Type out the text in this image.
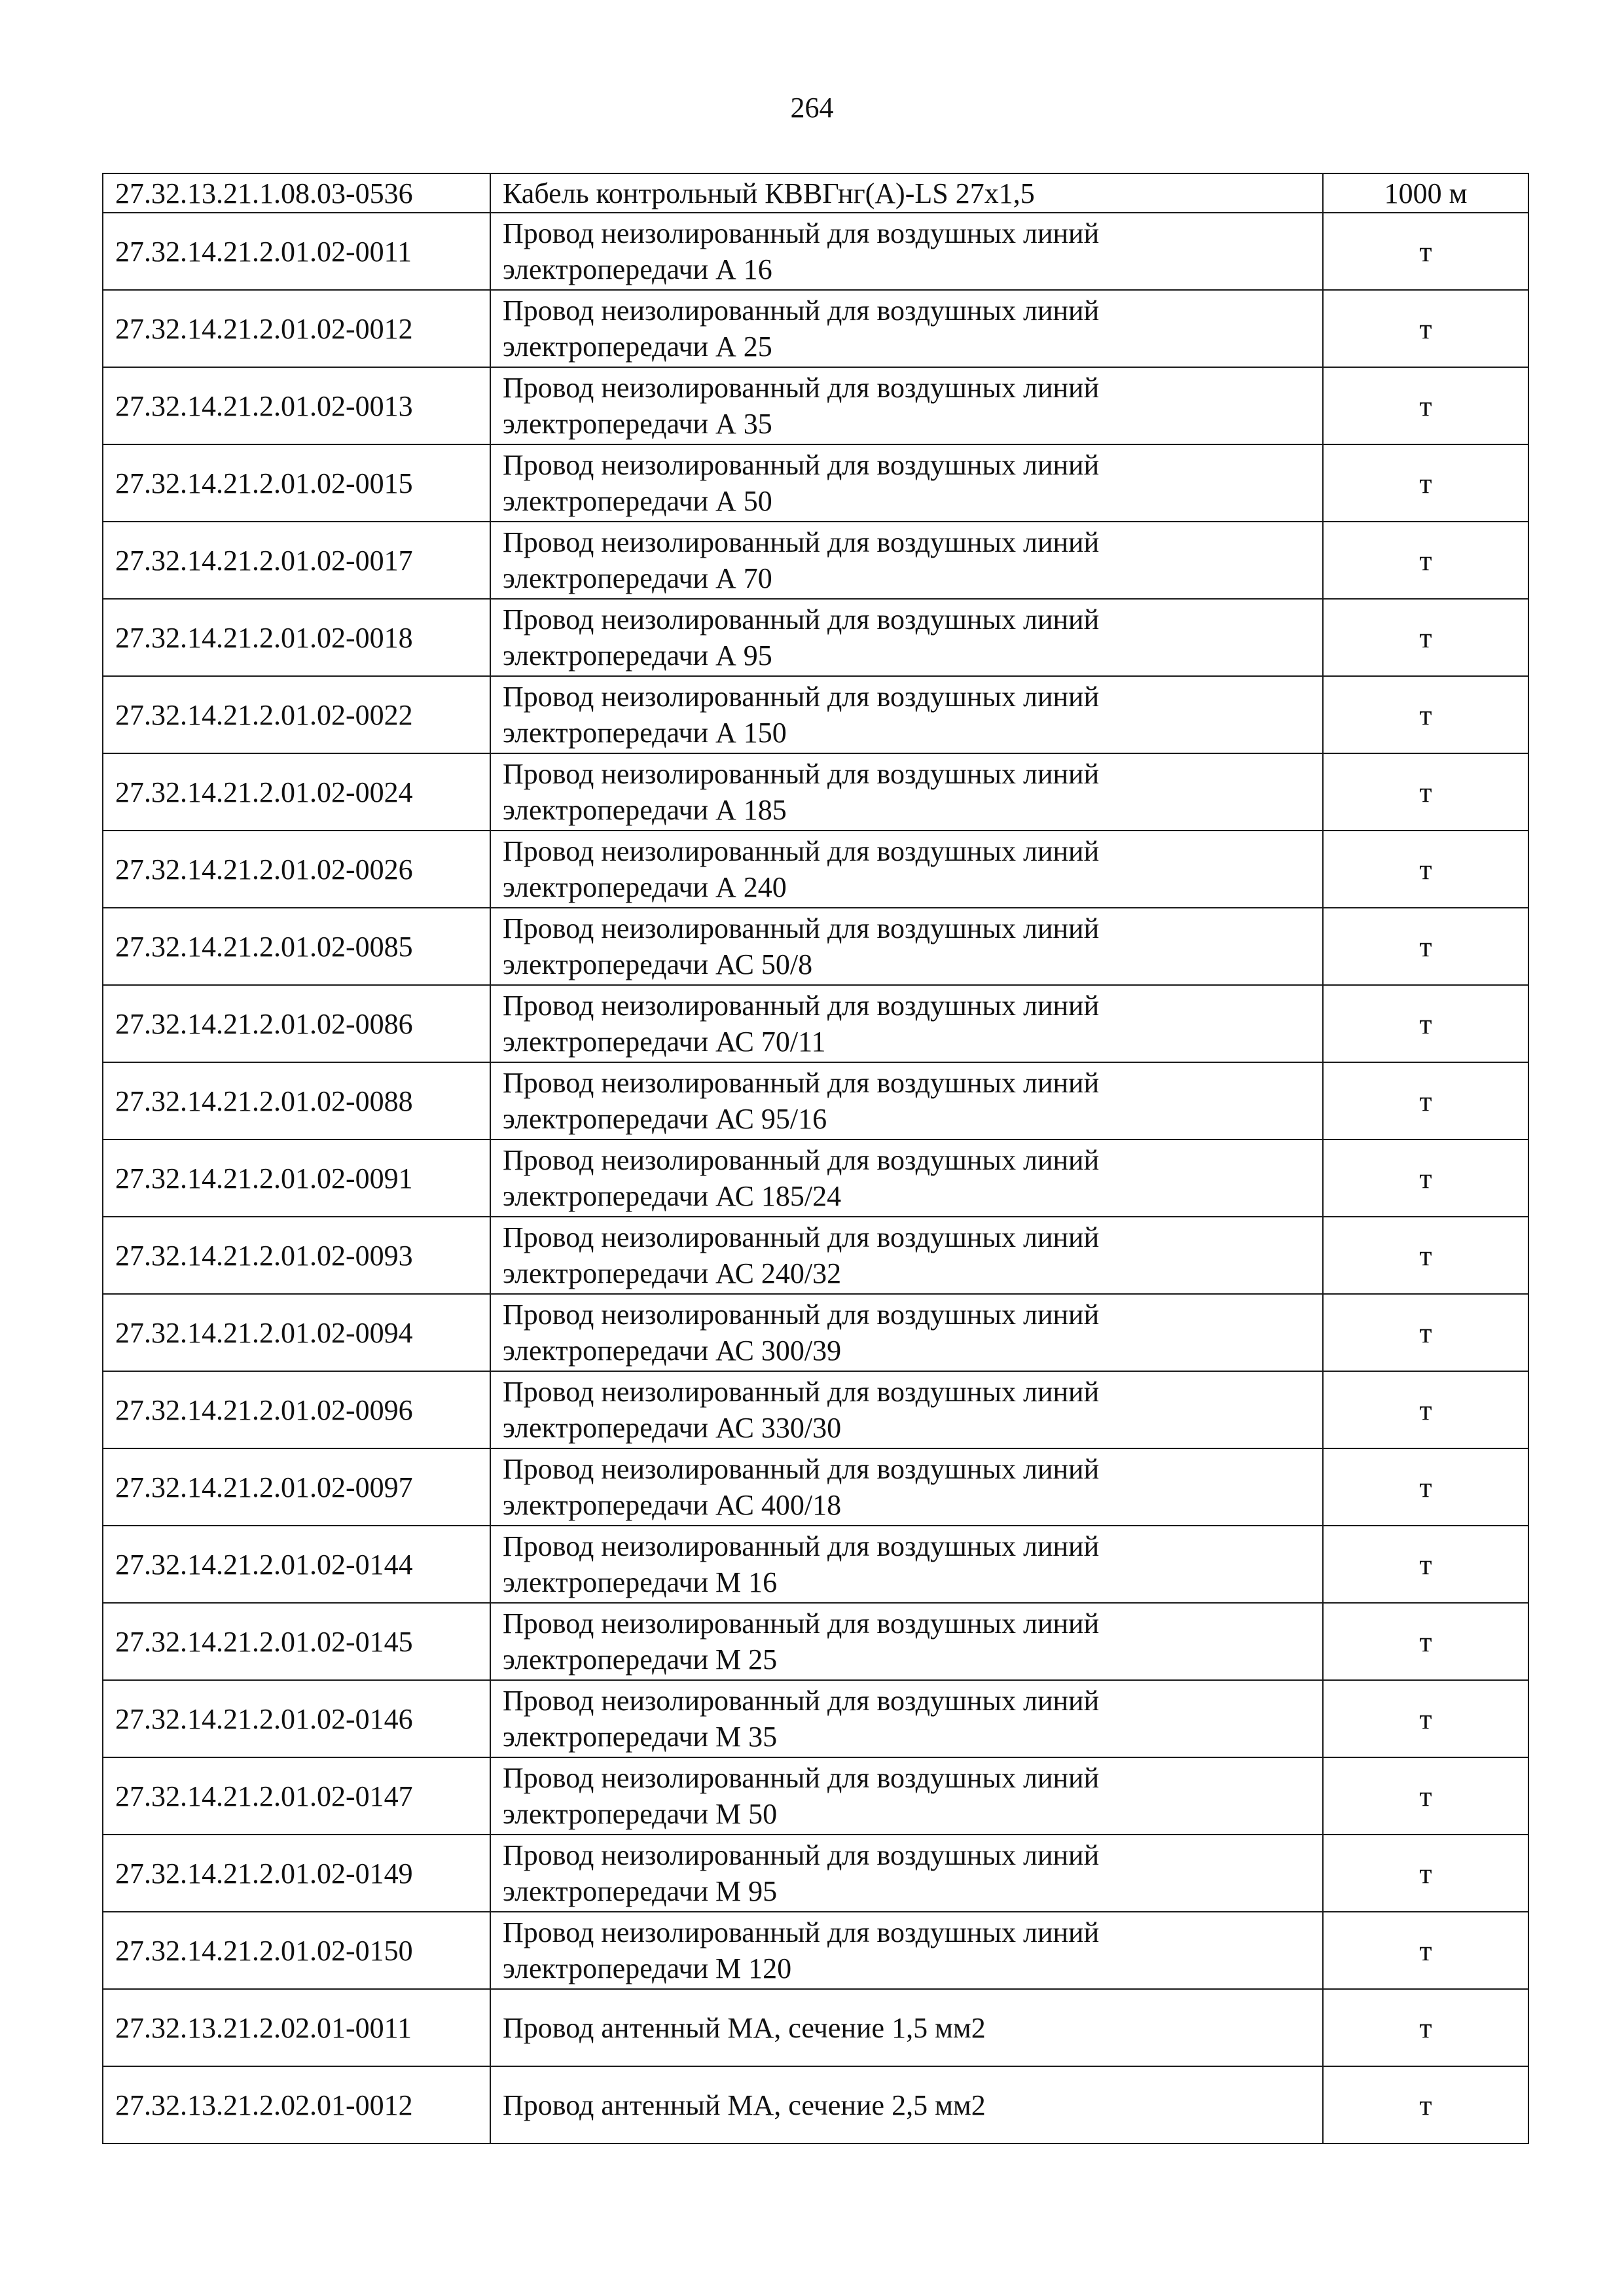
264
27.32.13.21.1.08.03-0536	Кабель контрольный КВВГнг(A)-LS 27x1,5	1000 м
27.32.14.21.2.01.02-0011	Провод неизолированный для воздушных линий электропередачи А 16	т
27.32.14.21.2.01.02-0012	Провод неизолированный для воздушных линий электропередачи А 25	т
27.32.14.21.2.01.02-0013	Провод неизолированный для воздушных линий электропередачи А 35	т
27.32.14.21.2.01.02-0015	Провод неизолированный для воздушных линий электропередачи А 50	т
27.32.14.21.2.01.02-0017	Провод неизолированный для воздушных линий электропередачи А 70	т
27.32.14.21.2.01.02-0018	Провод неизолированный для воздушных линий электропередачи А 95	т
27.32.14.21.2.01.02-0022	Провод неизолированный для воздушных линий электропередачи А 150	т
27.32.14.21.2.01.02-0024	Провод неизолированный для воздушных линий электропередачи А 185	т
27.32.14.21.2.01.02-0026	Провод неизолированный для воздушных линий электропередачи А 240	т
27.32.14.21.2.01.02-0085	Провод неизолированный для воздушных линий электропередачи АС 50/8	т
27.32.14.21.2.01.02-0086	Провод неизолированный для воздушных линий электропередачи АС 70/11	т
27.32.14.21.2.01.02-0088	Провод неизолированный для воздушных линий электропередачи АС 95/16	т
27.32.14.21.2.01.02-0091	Провод неизолированный для воздушных линий электропередачи АС 185/24	т
27.32.14.21.2.01.02-0093	Провод неизолированный для воздушных линий электропередачи АС 240/32	т
27.32.14.21.2.01.02-0094	Провод неизолированный для воздушных линий электропередачи АС 300/39	т
27.32.14.21.2.01.02-0096	Провод неизолированный для воздушных линий электропередачи АС 330/30	т
27.32.14.21.2.01.02-0097	Провод неизолированный для воздушных линий электропередачи АС 400/18	т
27.32.14.21.2.01.02-0144	Провод неизолированный для воздушных линий электропередачи М 16	т
27.32.14.21.2.01.02-0145	Провод неизолированный для воздушных линий электропередачи М 25	т
27.32.14.21.2.01.02-0146	Провод неизолированный для воздушных линий электропередачи М 35	т
27.32.14.21.2.01.02-0147	Провод неизолированный для воздушных линий электропередачи М 50	т
27.32.14.21.2.01.02-0149	Провод неизолированный для воздушных линий электропередачи М 95	т
27.32.14.21.2.01.02-0150	Провод неизолированный для воздушных линий электропередачи М 120	т
27.32.13.21.2.02.01-0011	Провод антенный МА, сечение 1,5 мм2	т
27.32.13.21.2.02.01-0012	Провод антенный МА, сечение 2,5 мм2	т
